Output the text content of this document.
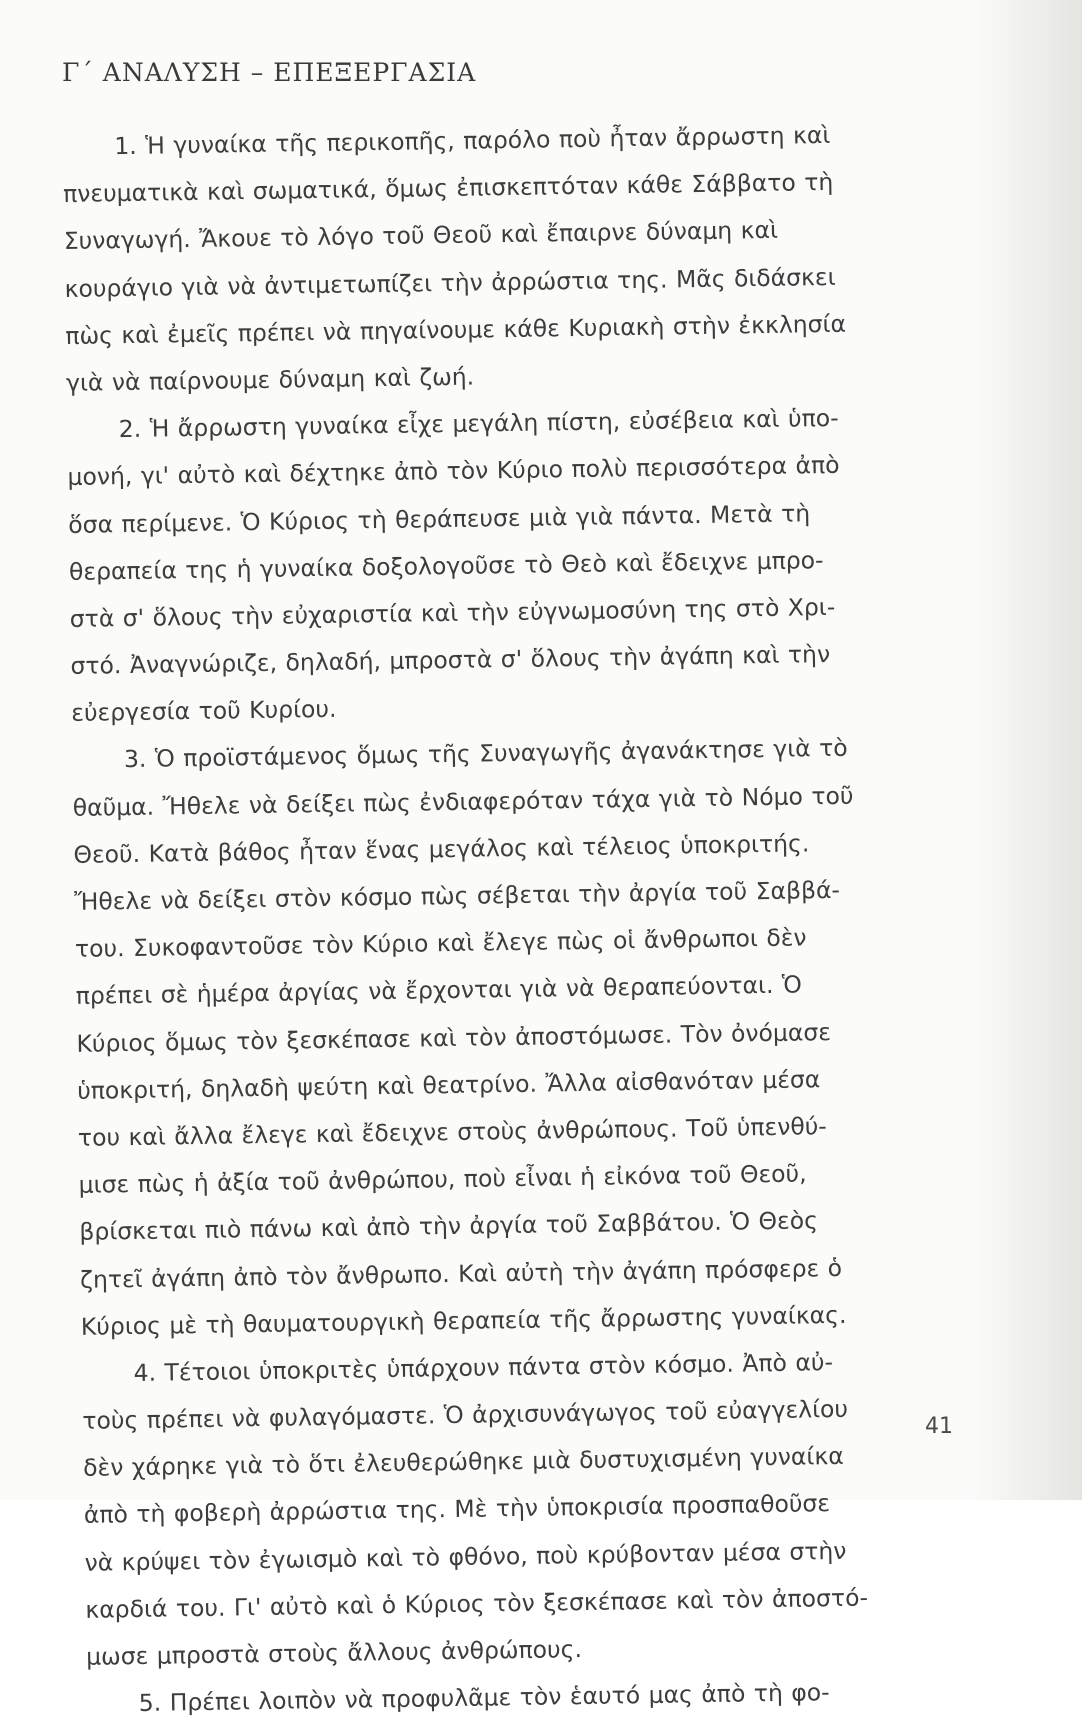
Γ΄ ΑΝΑΛΥΣΗ – ΕΠΕΞΕΡΓΑΣΙΑ
1. Ἡ γυναίκα τῆς περικοπῆς, παρόλο ποὺ ἦταν ἄρρωστη καὶ
πνευματικὰ καὶ σωματικά, ὅμως ἐπισκεπτόταν κάθε Σάββατο τὴ
Συναγωγή. Ἄκουε τὸ λόγο τοῦ Θεοῦ καὶ ἔπαιρνε δύναμη καὶ
κουράγιο γιὰ νὰ ἀντιμετωπίζει τὴν ἀρρώστια της. Μᾶς διδάσκει
πὼς καὶ ἐμεῖς πρέπει νὰ πηγαίνουμε κάθε Κυριακὴ στὴν ἐκκλησία
γιὰ νὰ παίρνουμε δύναμη καὶ ζωή.
2. Ἡ ἄρρωστη γυναίκα εἶχε μεγάλη πίστη, εὐσέβεια καὶ ὑπο-
μονή, γι' αὐτὸ καὶ δέχτηκε ἀπὸ τὸν Κύριο πολὺ περισσότερα ἀπὸ
ὅσα περίμενε. Ὁ Κύριος τὴ θεράπευσε μιὰ γιὰ πάντα. Μετὰ τὴ
θεραπεία της ἡ γυναίκα δοξολογοῦσε τὸ Θεὸ καὶ ἔδειχνε μπρο-
στὰ σ' ὅλους τὴν εὐχαριστία καὶ τὴν εὐγνωμοσύνη της στὸ Χρι-
στό. Ἀναγνώριζε, δηλαδή, μπροστὰ σ' ὅλους τὴν ἀγάπη καὶ τὴν
εὐεργεσία τοῦ Κυρίου.
3. Ὁ προϊστάμενος ὅμως τῆς Συναγωγῆς ἀγανάκτησε γιὰ τὸ
θαῦμα. Ἤθελε νὰ δείξει πὼς ἐνδιαφερόταν τάχα γιὰ τὸ Νόμο τοῦ
Θεοῦ. Κατὰ βάθος ἦταν ἕνας μεγάλος καὶ τέλειος ὑποκριτής.
Ἤθελε νὰ δείξει στὸν κόσμο πὼς σέβεται τὴν ἀργία τοῦ Σαββά-
του. Συκοφαντοῦσε τὸν Κύριο καὶ ἔλεγε πὼς οἱ ἄνθρωποι δὲν
πρέπει σὲ ἡμέρα ἀργίας νὰ ἔρχονται γιὰ νὰ θεραπεύονται. Ὁ
Κύριος ὅμως τὸν ξεσκέπασε καὶ τὸν ἀποστόμωσε. Τὸν ὀνόμασε
ὑποκριτή, δηλαδὴ ψεύτη καὶ θεατρίνο. Ἄλλα αἰσθανόταν μέσα
του καὶ ἄλλα ἔλεγε καὶ ἔδειχνε στοὺς ἀνθρώπους. Τοῦ ὑπενθύ-
μισε πὼς ἡ ἀξία τοῦ ἀνθρώπου, ποὺ εἶναι ἡ εἰκόνα τοῦ Θεοῦ,
βρίσκεται πιὸ πάνω καὶ ἀπὸ τὴν ἀργία τοῦ Σαββάτου. Ὁ Θεὸς
ζητεῖ ἀγάπη ἀπὸ τὸν ἄνθρωπο. Καὶ αὐτὴ τὴν ἀγάπη πρόσφερε ὁ
Κύριος μὲ τὴ θαυματουργικὴ θεραπεία τῆς ἄρρωστης γυναίκας.
4. Τέτοιοι ὑποκριτὲς ὑπάρχουν πάντα στὸν κόσμο. Ἀπὸ αὐ-
τοὺς πρέπει νὰ φυλαγόμαστε. Ὁ ἀρχισυνάγωγος τοῦ εὐαγγελίου
δὲν χάρηκε γιὰ τὸ ὅτι ἐλευθερώθηκε μιὰ δυστυχισμένη γυναίκα
ἀπὸ τὴ φοβερὴ ἀρρώστια της. Μὲ τὴν ὑποκρισία προσπαθοῦσε
νὰ κρύψει τὸν ἐγωισμὸ καὶ τὸ φθόνο, ποὺ κρύβονταν μέσα στὴν
καρδιά του. Γι' αὐτὸ καὶ ὁ Κύριος τὸν ξεσκέπασε καὶ τὸν ἀποστό-
μωσε μπροστὰ στοὺς ἄλλους ἀνθρώπους.
5. Πρέπει λοιπὸν νὰ προφυλᾶμε τὸν ἑαυτό μας ἀπὸ τὴ φο-
41
